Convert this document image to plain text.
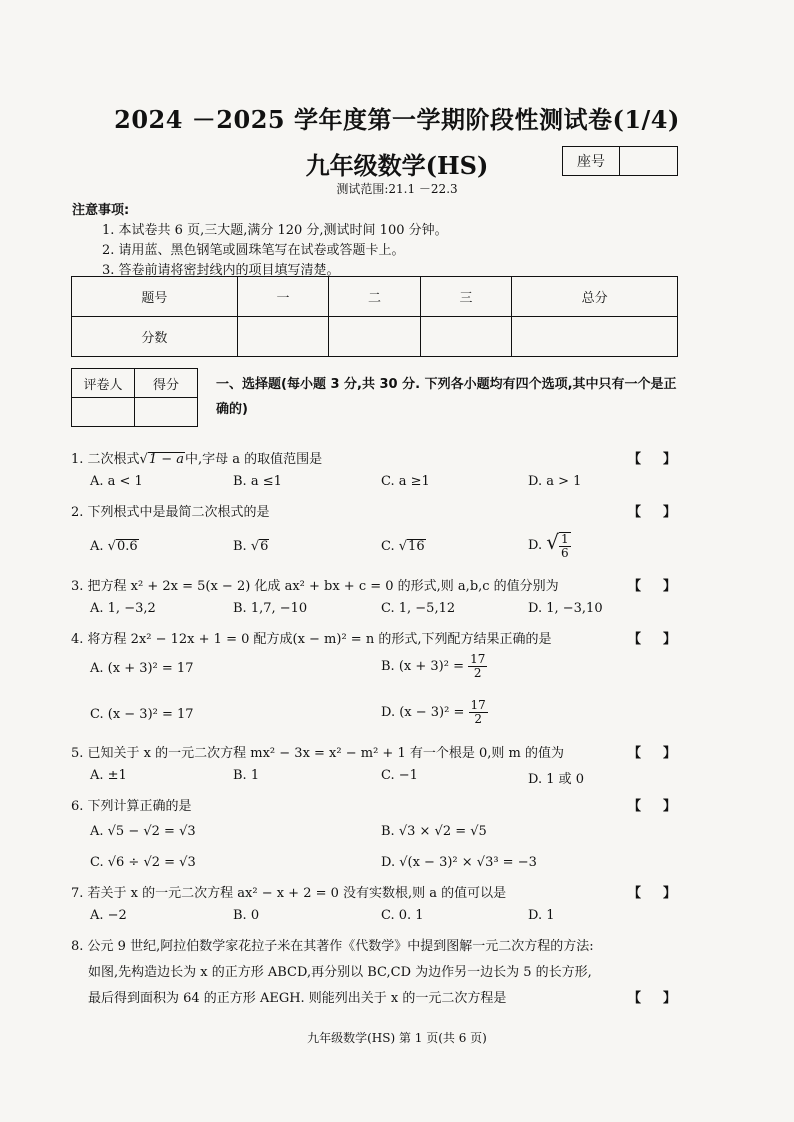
2024 －2025 学年度第一学期阶段性测试卷(1/4)
九年级数学(HS)
测试范围:21.1 －22.3
座号
注意事项:
1. 本试卷共 6 页,三大题,满分 120 分,测试时间 100 分钟。
2. 请用蓝、黑色钢笔或圆珠笔写在试卷或答题卡上。
3. 答卷前请将密封线内的项目填写清楚。
题号	一	二	三	总分
分数				
评卷人	得分
		一、选择题(每小题 3 分,共 30 分. 下列各小题均有四个选项,其中只有一个是正确的)
1. 二次根式√1 − a中,字母 a 的取值范围是	【】
A. a < 1	B. a ≤1	C. a ≥1	D. a > 1
2. 下列根式中是最简二次根式的是	【】
A. √0.6	B. √6	C. √16	D. √ $\frac{1}{6}$
3. 把方程 x² + 2x = 5(x − 2) 化成 ax² + bx + c = 0 的形式,则 a,b,c 的值分别为	【】
A. 1, −3,2	B. 1,7, −10	C. 1, −5,12	D. 1, −3,10
4. 将方程 2x² − 12x + 1 = 0 配方成(x − m)² = n 的形式,下列配方结果正确的是	【】
A. (x + 3)² = 17	B. $(x + 3)^2 = \frac{17}{2}$
C. (x − 3)² = 17	D. $(x - 3)^2 = \frac{17}{2}$
5. 已知关于 x 的一元二次方程 mx² − 3x = x² − m² + 1 有一个根是 0,则 m 的值为	【】
A. ±1	B. 1	C. −1	D. 1 或 0
6. 下列计算正确的是	【】
A. √5 − √2 = √3	B. √3 × √2 = √5
C. √6 ÷ √2 = √3	D. √(x − 3)² × √3³ = −3
7. 若关于 x 的一元二次方程 ax² − x + 2 = 0 没有实数根,则 a 的值可以是	【】
A. −2	B. 0	C. 0. 1	D. 1
8. 公元 9 世纪,阿拉伯数学家花拉子米在其著作《代数学》中提到图解一元二次方程的方法:
如图,先构造边长为 x 的正方形 ABCD,再分别以 BC,CD 为边作另一边长为 5 的长方形,
最后得到面积为 64 的正方形 AEGH. 则能列出关于 x 的一元二次方程是	【】
九年级数学(HS) 第 1 页(共 6 页)
